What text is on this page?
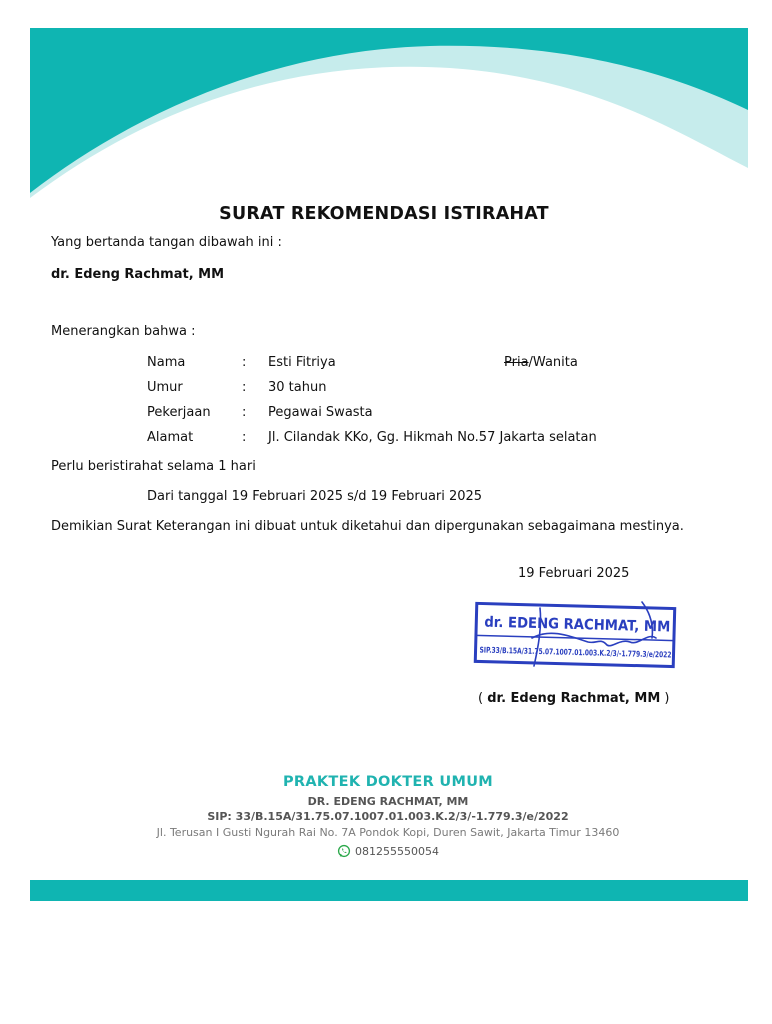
SURAT REKOMENDASI ISTIRAHAT
Yang bertanda tangan dibawah ini :
dr. Edeng Rachmat, MM
Menerangkan bahwa :
Nama	: Esti Fitriya	Pria/Wanita
Umur	: 30 tahun
Pekerjaan : Pegawai Swasta
Alamat	: Jl. Cilandak KKo, Gg. Hikmah No.57 Jakarta selatan
Perlu beristirahat selama 1 hari
Dari tanggal 19 Februari 2025 s/d 19 Februari 2025
Demikian Surat Keterangan ini dibuat untuk diketahui dan dipergunakan sebagaimana mestinya.
19 Februari 2025
dr. EDENG RACHMAT, MM
SIP.33/B.15A/31.75.07.1007.01.003.K.2/3/-1.779.3/e/2022
( dr. Edeng Rachmat, MM )
PRAKTEK DOKTER UMUM
DR. EDENG RACHMAT, MM
SIP: 33/B.15A/31.75.07.1007.01.003.K.2/3/-1.779.3/e/2022
Jl. Terusan I Gusti Ngurah Rai No. 7A Pondok Kopi, Duren Sawit, Jakarta Timur 13460
081255550054
